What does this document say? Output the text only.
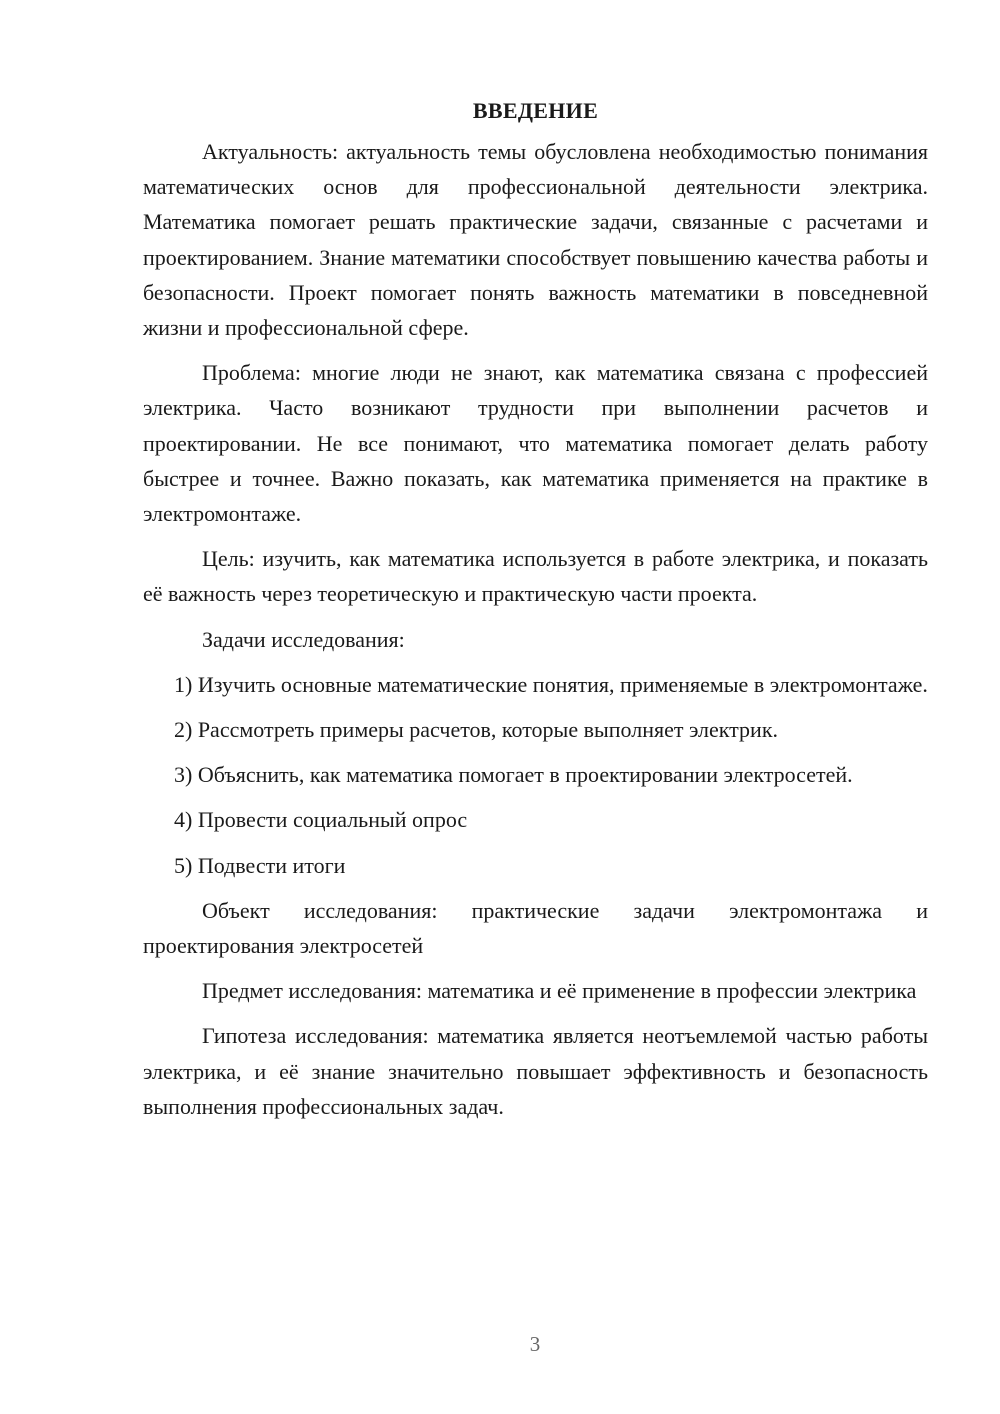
ВВЕДЕНИЕ

Актуальность: актуальность темы обусловлена необходимостью понимания математических основ для профессиональной деятельности электрика. Математика помогает решать практические задачи, связанные с расчетами и проектированием. Знание математики способствует повышению качества работы и безопасности. Проект помогает понять важность математики в повседневной жизни и профессиональной сфере.

Проблема: многие люди не знают, как математика связана с профессией электрика. Часто возникают трудности при выполнении расчетов и проектировании. Не все понимают, что математика помогает делать работу быстрее и точнее. Важно показать, как математика применяется на практике в электромонтаже.

Цель: изучить, как математика используется в работе электрика, и показать её важность через теоретическую и практическую части проекта.

Задачи исследования:

1) Изучить основные математические понятия, применяемые в электромонтаже.

2) Рассмотреть примеры расчетов, которые выполняет электрик.

3) Объяснить, как математика помогает в проектировании электросетей.

4) Провести социальный опрос

5) Подвести итоги

Объект исследования: практические задачи электромонтажа и проектирования электросетей

Предмет исследования: математика и её применение в профессии электрика

Гипотеза исследования: математика является неотъемлемой частью работы электрика, и её знание значительно повышает эффективность и безопасность выполнения профессиональных задач.

3
